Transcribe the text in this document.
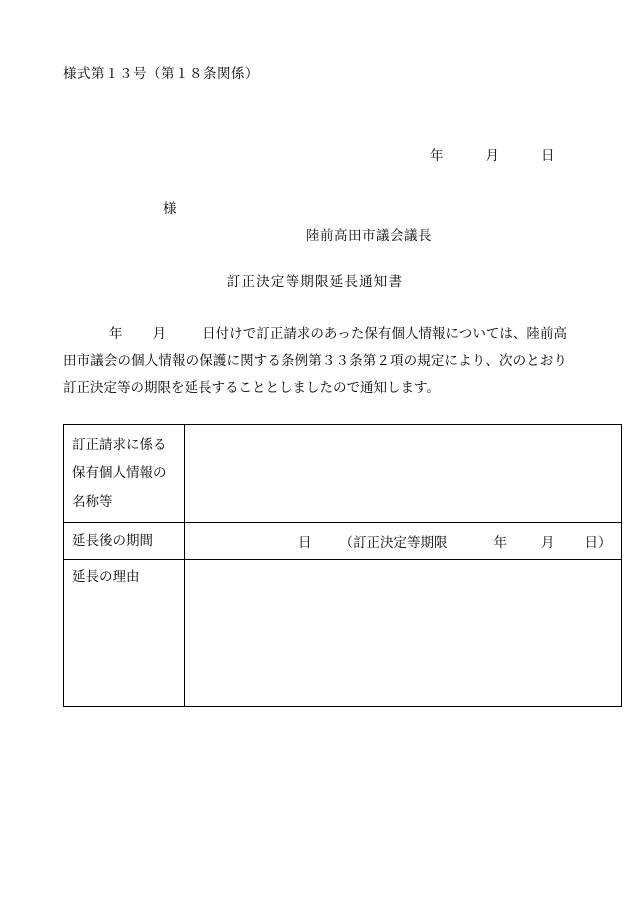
様式第１３号（第１８条関係）
年	月	日
様
陸前高田市議会議長
訂正決定等期限延長通知書
年 月	日付けで訂正請求のあった保有個人情報については、陸前高田市議会の個人情報の保護に関する条例第３３条第２項の規定により、次のとおり訂正決定等の期限を延長することとしましたので通知します。
訂正請求に係る保有個人情報の名称等	
延長後の期間	日 （訂正決定等期限 年 月 日）

延長の理由	
